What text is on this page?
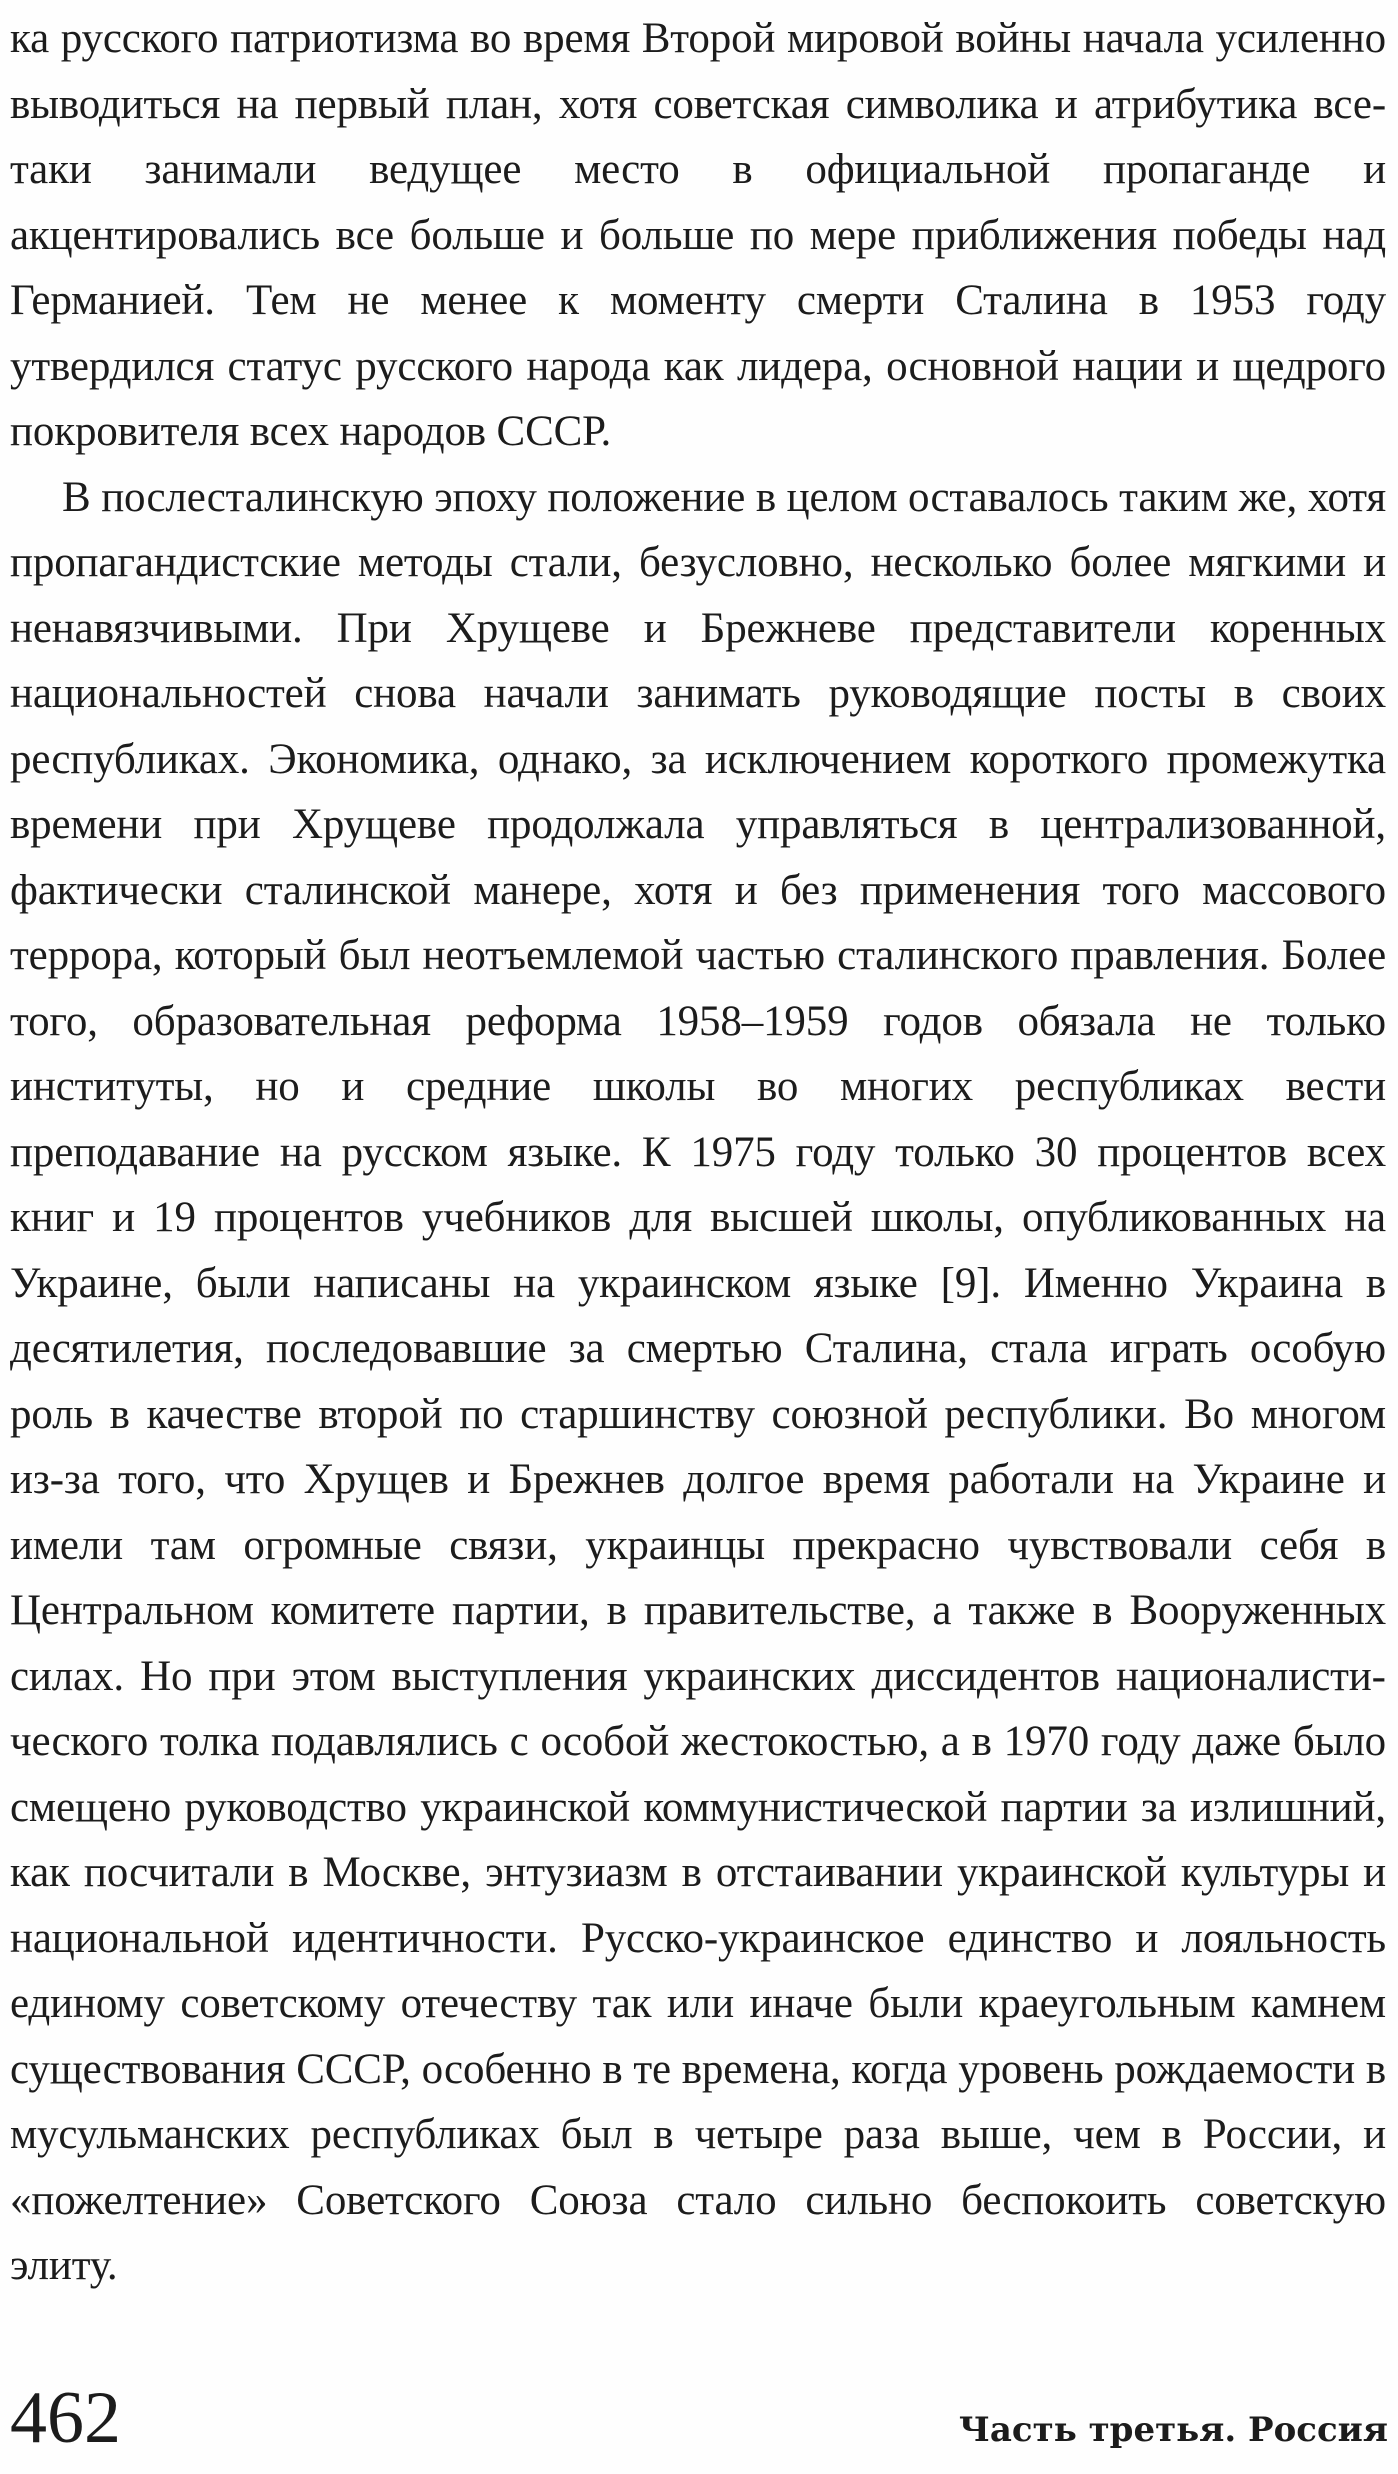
ка русского патриотизма во время Второй мировой войны начала усиленно выводиться на первый план, хотя советская символика и атрибутика все-таки занимали ведущее место в официальной пропаганде и акцентировались все больше и больше по мере приближения победы над Германией. Тем не менее к моменту смерти Сталина в 1953 году утвердился статус русского народа как лидера, основной нации и щедрого покровителя всех народов СССР.

В послесталинскую эпоху положение в целом оставалось таким же, хотя пропагандистские методы стали, безусловно, несколько более мягкими и ненавязчивыми. При Хрущеве и Брежневе представители коренных национальностей снова начали занимать руководящие посты в своих республиках. Экономика, однако, за исключением короткого промежутка времени при Хрущеве продолжала управляться в централизованной, фактически сталинской манере, хотя и без применения того массового террора, который был неотъемлемой частью сталинского правления. Более того, образовательная реформа 1958–1959 годов обязала не только институты, но и средние школы во многих республиках вести преподавание на русском языке. К 1975 году только 30 процентов всех книг и 19 процентов учебников для высшей школы, опубликованных на Украине, были написаны на украинском языке [9]. Именно Украина в десятилетия, последовавшие за смертью Сталина, стала играть особую роль в качестве второй по старшинству союзной республики. Во многом из-за того, что Хрущев и Брежнев долгое время работали на Украине и имели там огромные связи, украинцы прекрасно чувствовали себя в Центральном комитете партии, в правительстве, а также в Вооруженных силах. Но при этом выступления украинских диссидентов националистического толка подавлялись с особой жестокостью, а в 1970 году даже было смещено руководство украинской коммунистической партии за излишний, как посчитали в Москве, энтузиазм в отстаивании украинской культуры и национальной идентичности. Русско-украинское единство и лояльность единому советскому отечеству так или иначе были краеугольным камнем существования СССР, особенно в те времена, когда уровень рождаемости в мусульманских республиках был в четыре раза выше, чем в России, и «пожелтение» Советского Союза стало сильно беспокоить советскую элиту.

462	Часть третья. Россия
